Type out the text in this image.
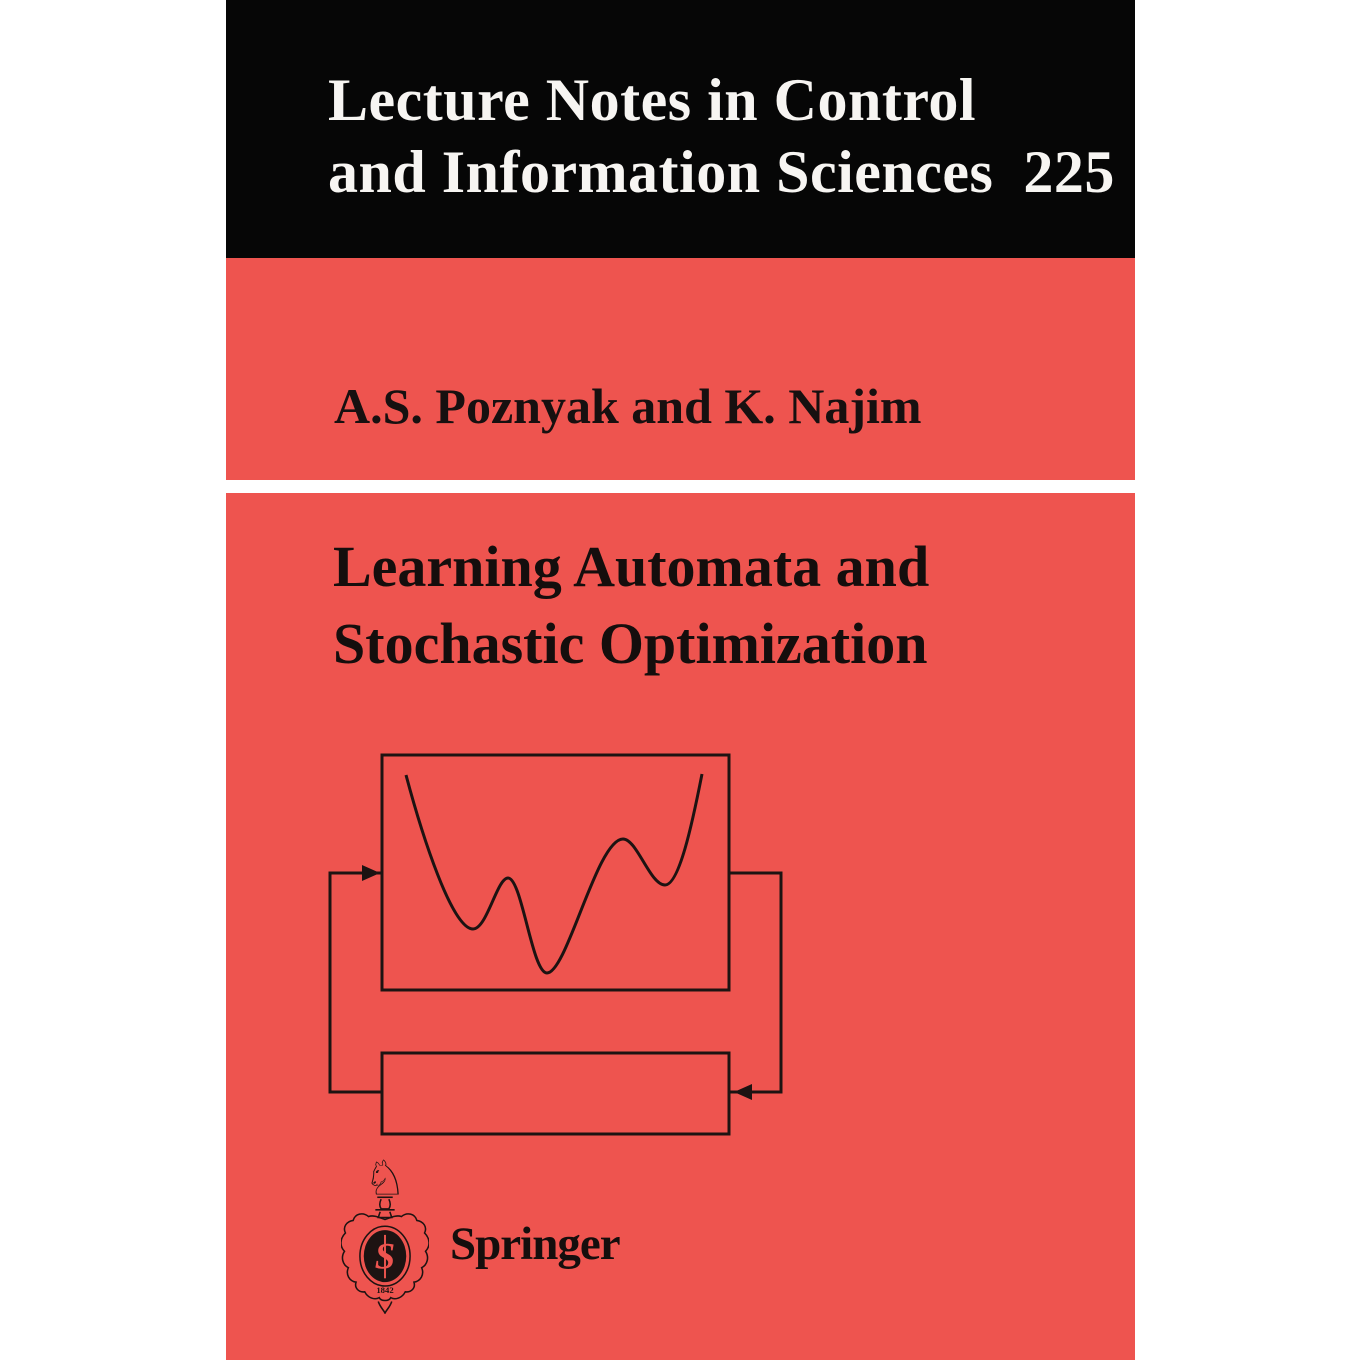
Lecture Notes in Control
and Information Sciences 225
A.S. Poznyak and K. Najim
Learning Automata and
Stochastic Optimization
♘
S
1842
Springer
